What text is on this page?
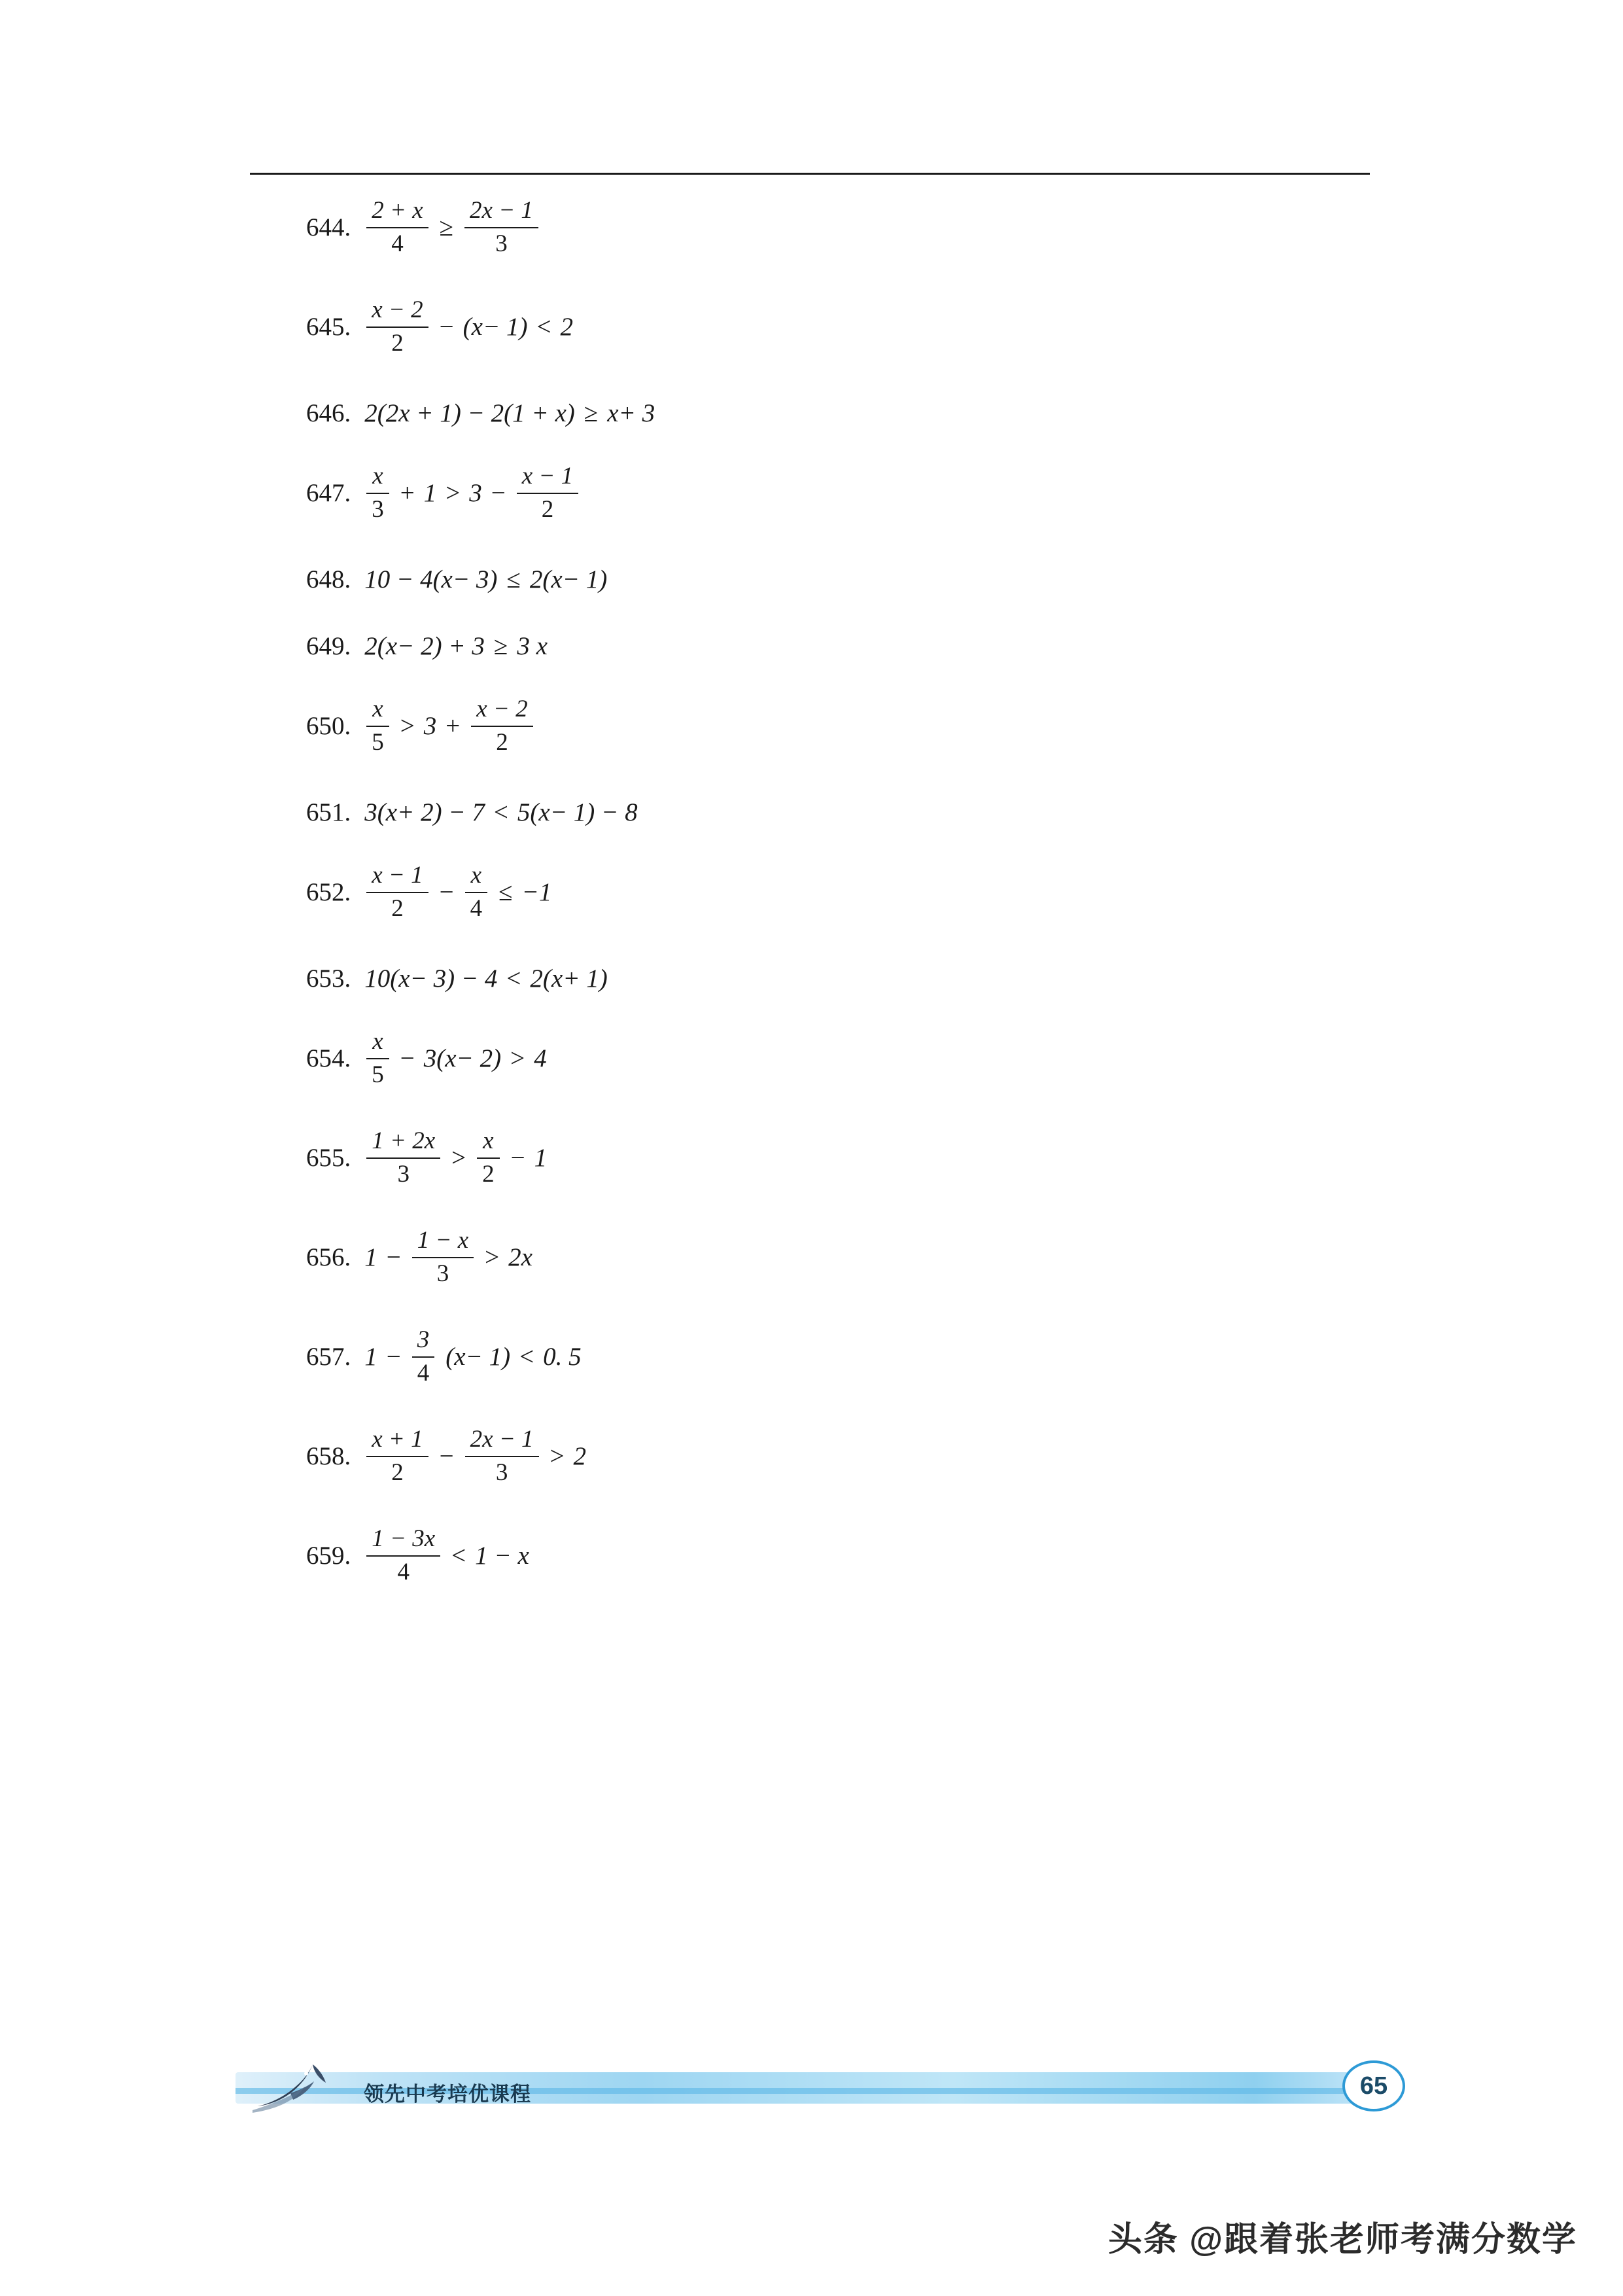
644. $\frac{2 + x}{4} \ge \frac{2x - 1}{3}$
645. $\frac{x - 2}{2} - (x- 1) < 2$
646. 2(2x + 1) − 2(1 + x) ≥ x+ 3
647. $\frac{x}{3} + 1 > 3 - \frac{x - 1}{2}$
648. 10 − 4(x− 3) ≤ 2(x− 1)
649. 2(x− 2) + 3 ≥ 3 x
650. $\frac{x}{5} > 3 + \frac{x - 2}{2}$
651. 3(x+ 2) − 7 < 5(x− 1) − 8
652. $\frac{x - 1}{2} - \frac{x}{4} \le -1$
653. 10(x− 3) − 4 < 2(x+ 1)
654. $\frac{x}{5} - 3(x- 2) > 4$
655. $\frac{1 + 2x}{3} > \frac{x}{2} - 1$
656. $1 - \frac{1 - x}{3} > 2x$
657. $1 - \frac{3}{4} (x- 1) < 0$. 5
658. $\frac{x + 1}{2} - \frac{2x - 1}{3} > 2$
659. $\frac{1 - 3x}{4} < 1 - x$
领先中考培优课程	65
头条 @跟着张老师考满分数学
